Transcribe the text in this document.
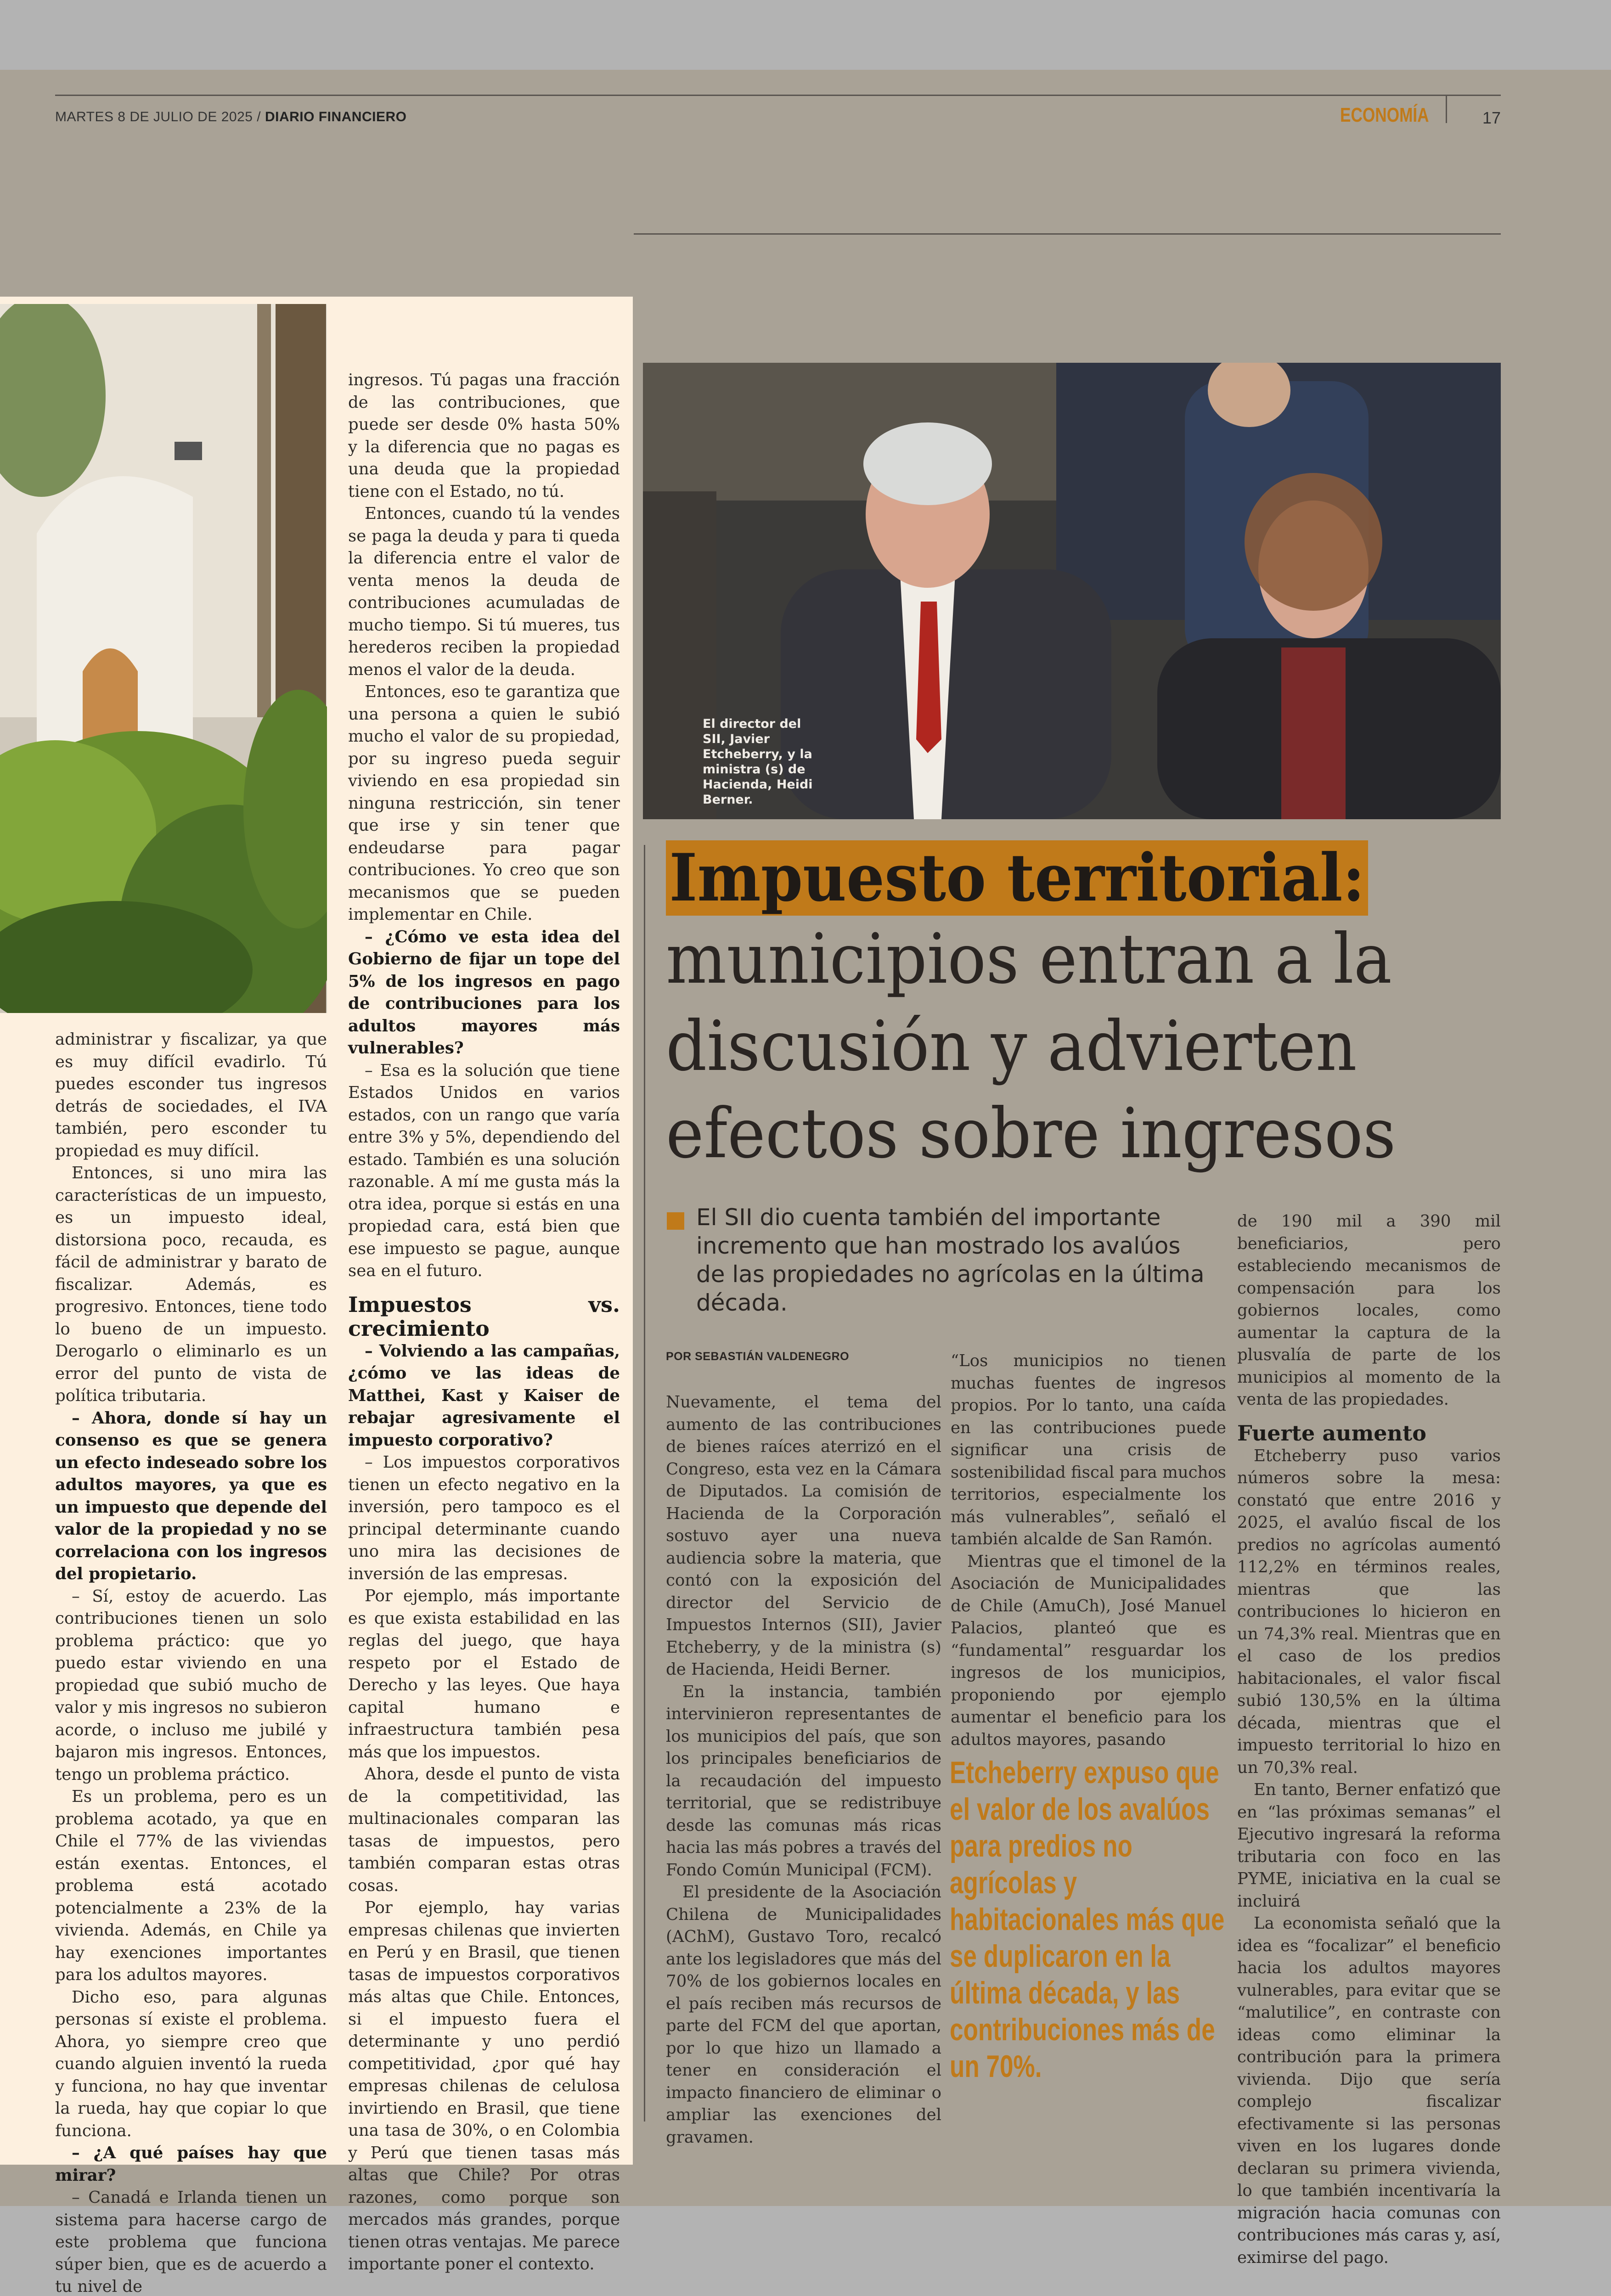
MARTES 8 DE JULIO DE 2025 / DIARIO FINANCIERO	ECONOMÍA	17

administrar y fiscalizar, ya que es muy difícil evadirlo. Tú puedes esconder tus ingresos detrás de sociedades, el IVA también, pero esconder tu propiedad es muy difícil.

Entonces, si uno mira las características de un impuesto, es un impuesto ideal, distorsiona poco, recauda, es fácil de administrar y barato de fiscalizar. Además, es progresivo. Entonces, tiene todo lo bueno de un impuesto. Derogarlo o eliminarlo es un error del punto de vista de política tributaria.

– Ahora, donde sí hay un consenso es que se genera un efecto indeseado sobre los adultos mayores, ya que es un impuesto que depende del valor de la propiedad y no se correlaciona con los ingresos del propietario.

– Sí, estoy de acuerdo. Las contribuciones tienen un solo problema práctico: que yo puedo estar viviendo en una propiedad que subió mucho de valor y mis ingresos no subieron acorde, o incluso me jubilé y bajaron mis ingresos. Entonces, tengo un problema práctico.

Es un problema, pero es un problema acotado, ya que en Chile el 77% de las viviendas están exentas. Entonces, el problema está acotado potencialmente a 23% de la vivienda. Además, en Chile ya hay exenciones importantes para los adultos mayores.

Dicho eso, para algunas personas sí existe el problema. Ahora, yo siempre creo que cuando alguien inventó la rueda y funciona, no hay que inventar la rueda, hay que copiar lo que funciona.

– ¿A qué países hay que mirar?

– Canadá e Irlanda tienen un sistema para hacerse cargo de este problema que funciona súper bien, que es de acuerdo a tu nivel de

ingresos. Tú pagas una fracción de las contribuciones, que puede ser desde 0% hasta 50% y la diferencia que no pagas es una deuda que la propiedad tiene con el Estado, no tú.

Entonces, cuando tú la vendes se paga la deuda y para ti queda la diferencia entre el valor de venta menos la deuda de contribuciones acumuladas de mucho tiempo. Si tú mueres, tus herederos reciben la propiedad menos el valor de la deuda.

Entonces, eso te garantiza que una persona a quien le subió mucho el valor de su propiedad, por su ingreso pueda seguir viviendo en esa propiedad sin ninguna restricción, sin tener que irse y sin tener que endeudarse para pagar contribuciones. Yo creo que son mecanismos que se pueden implementar en Chile.

– ¿Cómo ve esta idea del Gobierno de fijar un tope del 5% de los ingresos en pago de contribuciones para los adultos mayores más vulnerables?

– Esa es la solución que tiene Estados Unidos en varios estados, con un rango que varía entre 3% y 5%, dependiendo del estado. También es una solución razonable. A mí me gusta más la otra idea, porque si estás en una propiedad cara, está bien que ese impuesto se pague, aunque sea en el futuro.

Impuestos vs. crecimiento

– Volviendo a las campañas, ¿cómo ve las ideas de Matthei, Kast y Kaiser de rebajar agresivamente el impuesto corporativo?

– Los impuestos corporativos tienen un efecto negativo en la inversión, pero tampoco es el principal determinante cuando uno mira las decisiones de inversión de las empresas.

Por ejemplo, más importante es que exista estabilidad en las reglas del juego, que haya respeto por el Estado de Derecho y las leyes. Que haya capital humano e infraestructura también pesa más que los impuestos.

Ahora, desde el punto de vista de la competitividad, las multinacionales comparan las tasas de impuestos, pero también comparan estas otras cosas.

Por ejemplo, hay varias empresas chilenas que invierten en Perú y en Brasil, que tienen tasas de impuestos corporativos más altas que Chile. Entonces, si el impuesto fuera el determinante y uno perdió competitividad, ¿por qué hay empresas chilenas de celulosa invirtiendo en Brasil, que tiene una tasa de 30%, o en Colombia y Perú que tienen tasas más altas que Chile? Por otras razones, como porque son mercados más grandes, porque tienen otras ventajas. Me parece importante poner el contexto.

El director del SII, Javier Etcheberry, y la ministra (s) de Hacienda, Heidi Berner.
Impuesto territorial:
municipios entran a la
discusión y advierten
efectos sobre ingresos
El SII dio cuenta también del importante incremento que han mostrado los avalúos de las propiedades no agrícolas en la última década.
POR SEBASTIÁN VALDENEGRO

Nuevamente, el tema del aumento de las contribuciones de bienes raíces aterrizó en el Congreso, esta vez en la Cámara de Diputados. La comisión de Hacienda de la Corporación sostuvo ayer una nueva audiencia sobre la materia, que contó con la exposición del director del Servicio de Impuestos Internos (SII), Javier Etcheberry, y de la ministra (s) de Hacienda, Heidi Berner.

En la instancia, también intervinieron representantes de los municipios del país, que son los principales beneficiarios de la recaudación del impuesto territorial, que se redistribuye desde las comunas más ricas hacia las más pobres a través del Fondo Común Municipal (FCM).

El presidente de la Asociación Chilena de Municipalidades (AChM), Gustavo Toro, recalcó ante los legisladores que más del 70% de los gobiernos locales en el país reciben más recursos de parte del FCM del que aportan, por lo que hizo un llamado a tener en consideración el impacto financiero de eliminar o ampliar las exenciones del gravamen.

“Los municipios no tienen muchas fuentes de ingresos propios. Por lo tanto, una caída en las contribuciones puede significar una crisis de sostenibilidad fiscal para muchos territorios, especialmente los más vulnerables”, señaló el también alcalde de San Ramón.

Mientras que el timonel de la Asociación de Municipalidades de Chile (AmuCh), José Manuel Palacios, planteó que es “fundamental” resguardar los ingresos de los municipios, proponiendo por ejemplo aumentar el beneficio para los adultos mayores, pasando

Etcheberry expuso que el valor de los avalúos para predios no agrícolas y habitacionales más que se duplicaron en la última década, y las contribuciones más de un 70%.

de 190 mil a 390 mil beneficiarios, pero estableciendo mecanismos de compensación para los gobiernos locales, como aumentar la captura de la plusvalía de parte de los municipios al momento de la venta de las propiedades.

Fuerte aumento

Etcheberry puso varios números sobre la mesa: constató que entre 2016 y 2025, el avalúo fiscal de los predios no agrícolas aumentó 112,2% en términos reales, mientras que las contribuciones lo hicieron en un 74,3% real. Mientras que en el caso de los predios habitacionales, el valor fiscal subió 130,5% en la última década, mientras que el impuesto territorial lo hizo en un 70,3% real.

En tanto, Berner enfatizó que en “las próximas semanas” el Ejecutivo ingresará la reforma tributaria con foco en las PYME, iniciativa en la cual se incluirá

La economista señaló que la idea es “focalizar” el beneficio hacia los adultos mayores vulnerables, para evitar que se “malutilice”, en contraste con ideas como eliminar la contribución para la primera vivienda. Dijo que sería complejo fiscalizar efectivamente si las personas viven en los lugares donde declaran su primera vivienda, lo que también incentivaría la migración hacia comunas con contribuciones más caras y, así, eximirse del pago.
